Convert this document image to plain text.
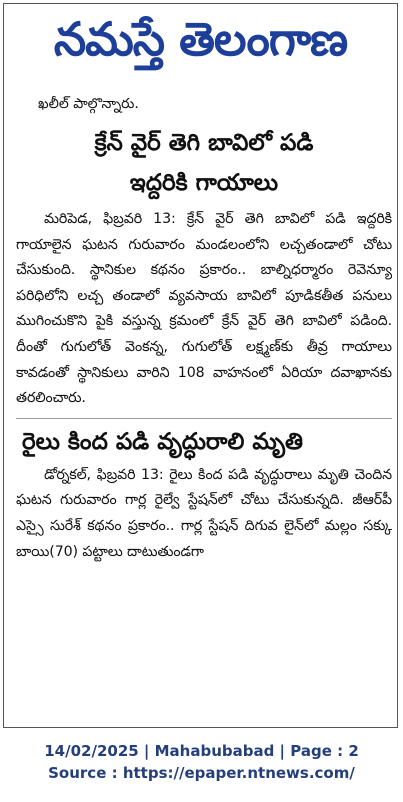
నమస్తే తెలంగాణ
ఖలీల్ పాల్గొన్నారు.
క్రేన్ వైర్ తెగి బావిలో పడి
ఇద్దరికి గాయాలు

మరిపెడ, ఫిబ్రవరి 13: క్రేన్ వైర్ తెగి బావిలో పడి ఇద్దరికి గాయాలైన ఘటన గురువారం మండలంలోని లచ్చతండాలో చోటు చేసుకుంది. స్థానికుల కథనం ప్రకారం.. బాల్నిధర్మారం రెవెన్యూ పరిధిలోని లచ్చ తండాలో వ్యవసాయ బావిలో పూడికతీత పనులు ముగించుకొని పైకి వస్తున్న క్రమంలో క్రేన్ వైర్ తెగి బావిలో పడింది. దీంతో గుగులోత్ వెంకన్న, గుగులోత్ లక్ష్మణ్‌కు తీవ్ర గాయాలు కావడంతో స్థానికులు వారిని 108 వాహనంలో ఏరియా దవాఖానకు తరలించారు.

రైలు కింద పడి వృద్ధురాలి మృతి

డోర్నకల్, ఫిబ్రవరి 13: రైలు కింద పడి వృద్ధురాలు మృతి చెందిన ఘటన గురువారం గార్ల రైల్వే స్టేషన్‌లో చోటు చేసుకున్నది. జీఆర్‌పీ ఎస్సై సురేశ్ కథనం ప్రకారం.. గార్ల స్టేషన్ దిగువ లైన్‌లో మల్లం సక్కు బాయి(70) పట్టాలు దాటుతుండగా

14/02/2025 | Mahabubabad | Page : 2
Source : https://epaper.ntnews.com/
